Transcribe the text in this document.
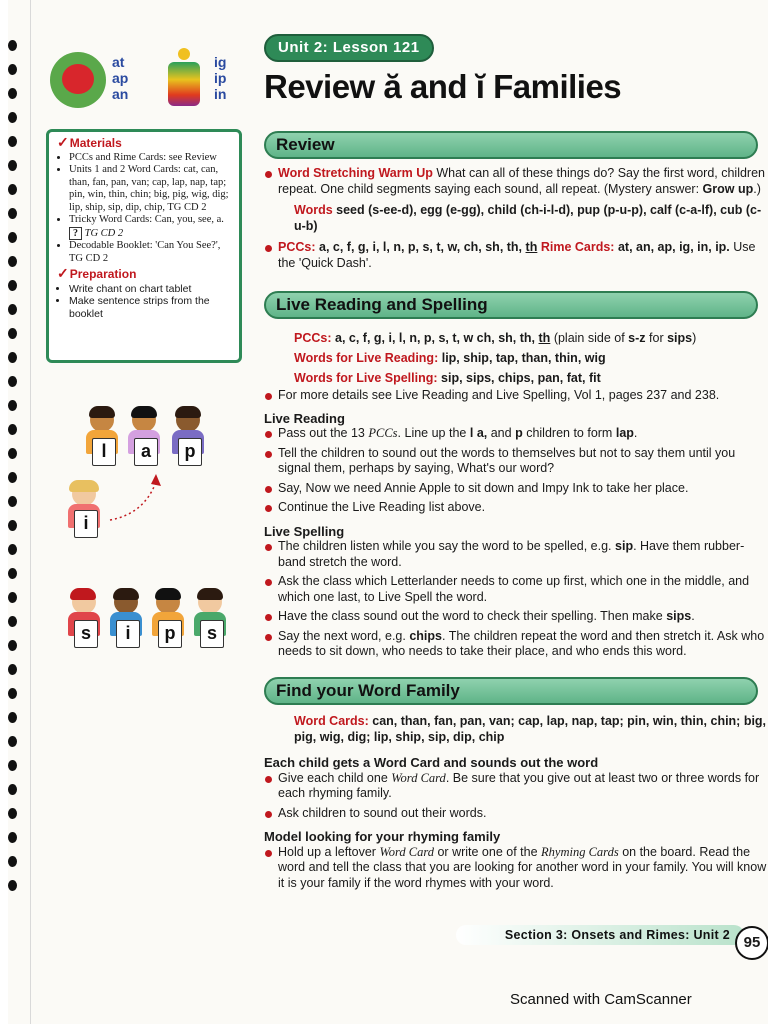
at
ap
an
ig
ip
in
Unit 2: Lesson 121
Review ă and ĭ Families
✓Materials
• PCCs and Rime Cards: see Review
• Units 1 and 2 Word Cards: cat, can, than, fan, pan, van; cap, lap, nap, tap; pin, win, thin, chin; big, pig, wig, dig; lip, ship, sip, dip, chip, TG CD 2
• Tricky Word Cards: Can, you, see, a. ? TG CD 2
• Decodable Booklet: 'Can You See?', TG CD 2
✓Preparation
• Write chant on chart tablet
• Make sentence strips from the booklet
l	a	p
i
s	i	p	s
Review
Word Stretching Warm Up What can all of these things do? Say the first word, children repeat. One child segments saying each sound, all repeat. (Mystery answer: Grow up.)
Words seed (s-ee-d), egg (e-gg), child (ch-i-l-d), pup (p-u-p), calf (c-a-lf), cub (c-u-b)
PCCs: a, c, f, g, i, l, n, p, s, t, w, ch, sh, th, th Rime Cards: at, an, ap, ig, in, ip. Use the 'Quick Dash'.
Live Reading and Spelling
PCCs: a, c, f, g, i, l, n, p, s, t, w ch, sh, th, th (plain side of s-z for sips)
Words for Live Reading: lip, ship, tap, than, thin, wig
Words for Live Spelling: sip, sips, chips, pan, fat, fit
For more details see Live Reading and Live Spelling, Vol 1, pages 237 and 238.
Live Reading
Pass out the 13 PCCs. Line up the l a, and p children to form lap.
Tell the children to sound out the words to themselves but not to say them until you signal them, perhaps by saying, What's our word?
Say, Now we need Annie Apple to sit down and Impy Ink to take her place.
Continue the Live Reading list above.
Live Spelling
The children listen while you say the word to be spelled, e.g. sip. Have them rubber-band stretch the word.
Ask the class which Letterlander needs to come up first, which one in the middle, and which one last, to Live Spell the word.
Have the class sound out the word to check their spelling. Then make sips.
Say the next word, e.g. chips. The children repeat the word and then stretch it. Ask who needs to sit down, who needs to take their place, and who ends this word.
Find your Word Family
Word Cards: can, than, fan, pan, van; cap, lap, nap, tap; pin, win, thin, chin; big, pig, wig, dig; lip, ship, sip, dip, chip
Each child gets a Word Card and sounds out the word
Give each child one Word Card. Be sure that you give out at least two or three words for each rhyming family.
Ask children to sound out their words.
Model looking for your rhyming family
Hold up a leftover Word Card or write one of the Rhyming Cards on the board. Read the word and tell the class that you are looking for another word in your family. You will know it is your family if the word rhymes with your word.
Section 3: Onsets and Rimes: Unit 2 95
Scanned with CamScanner
